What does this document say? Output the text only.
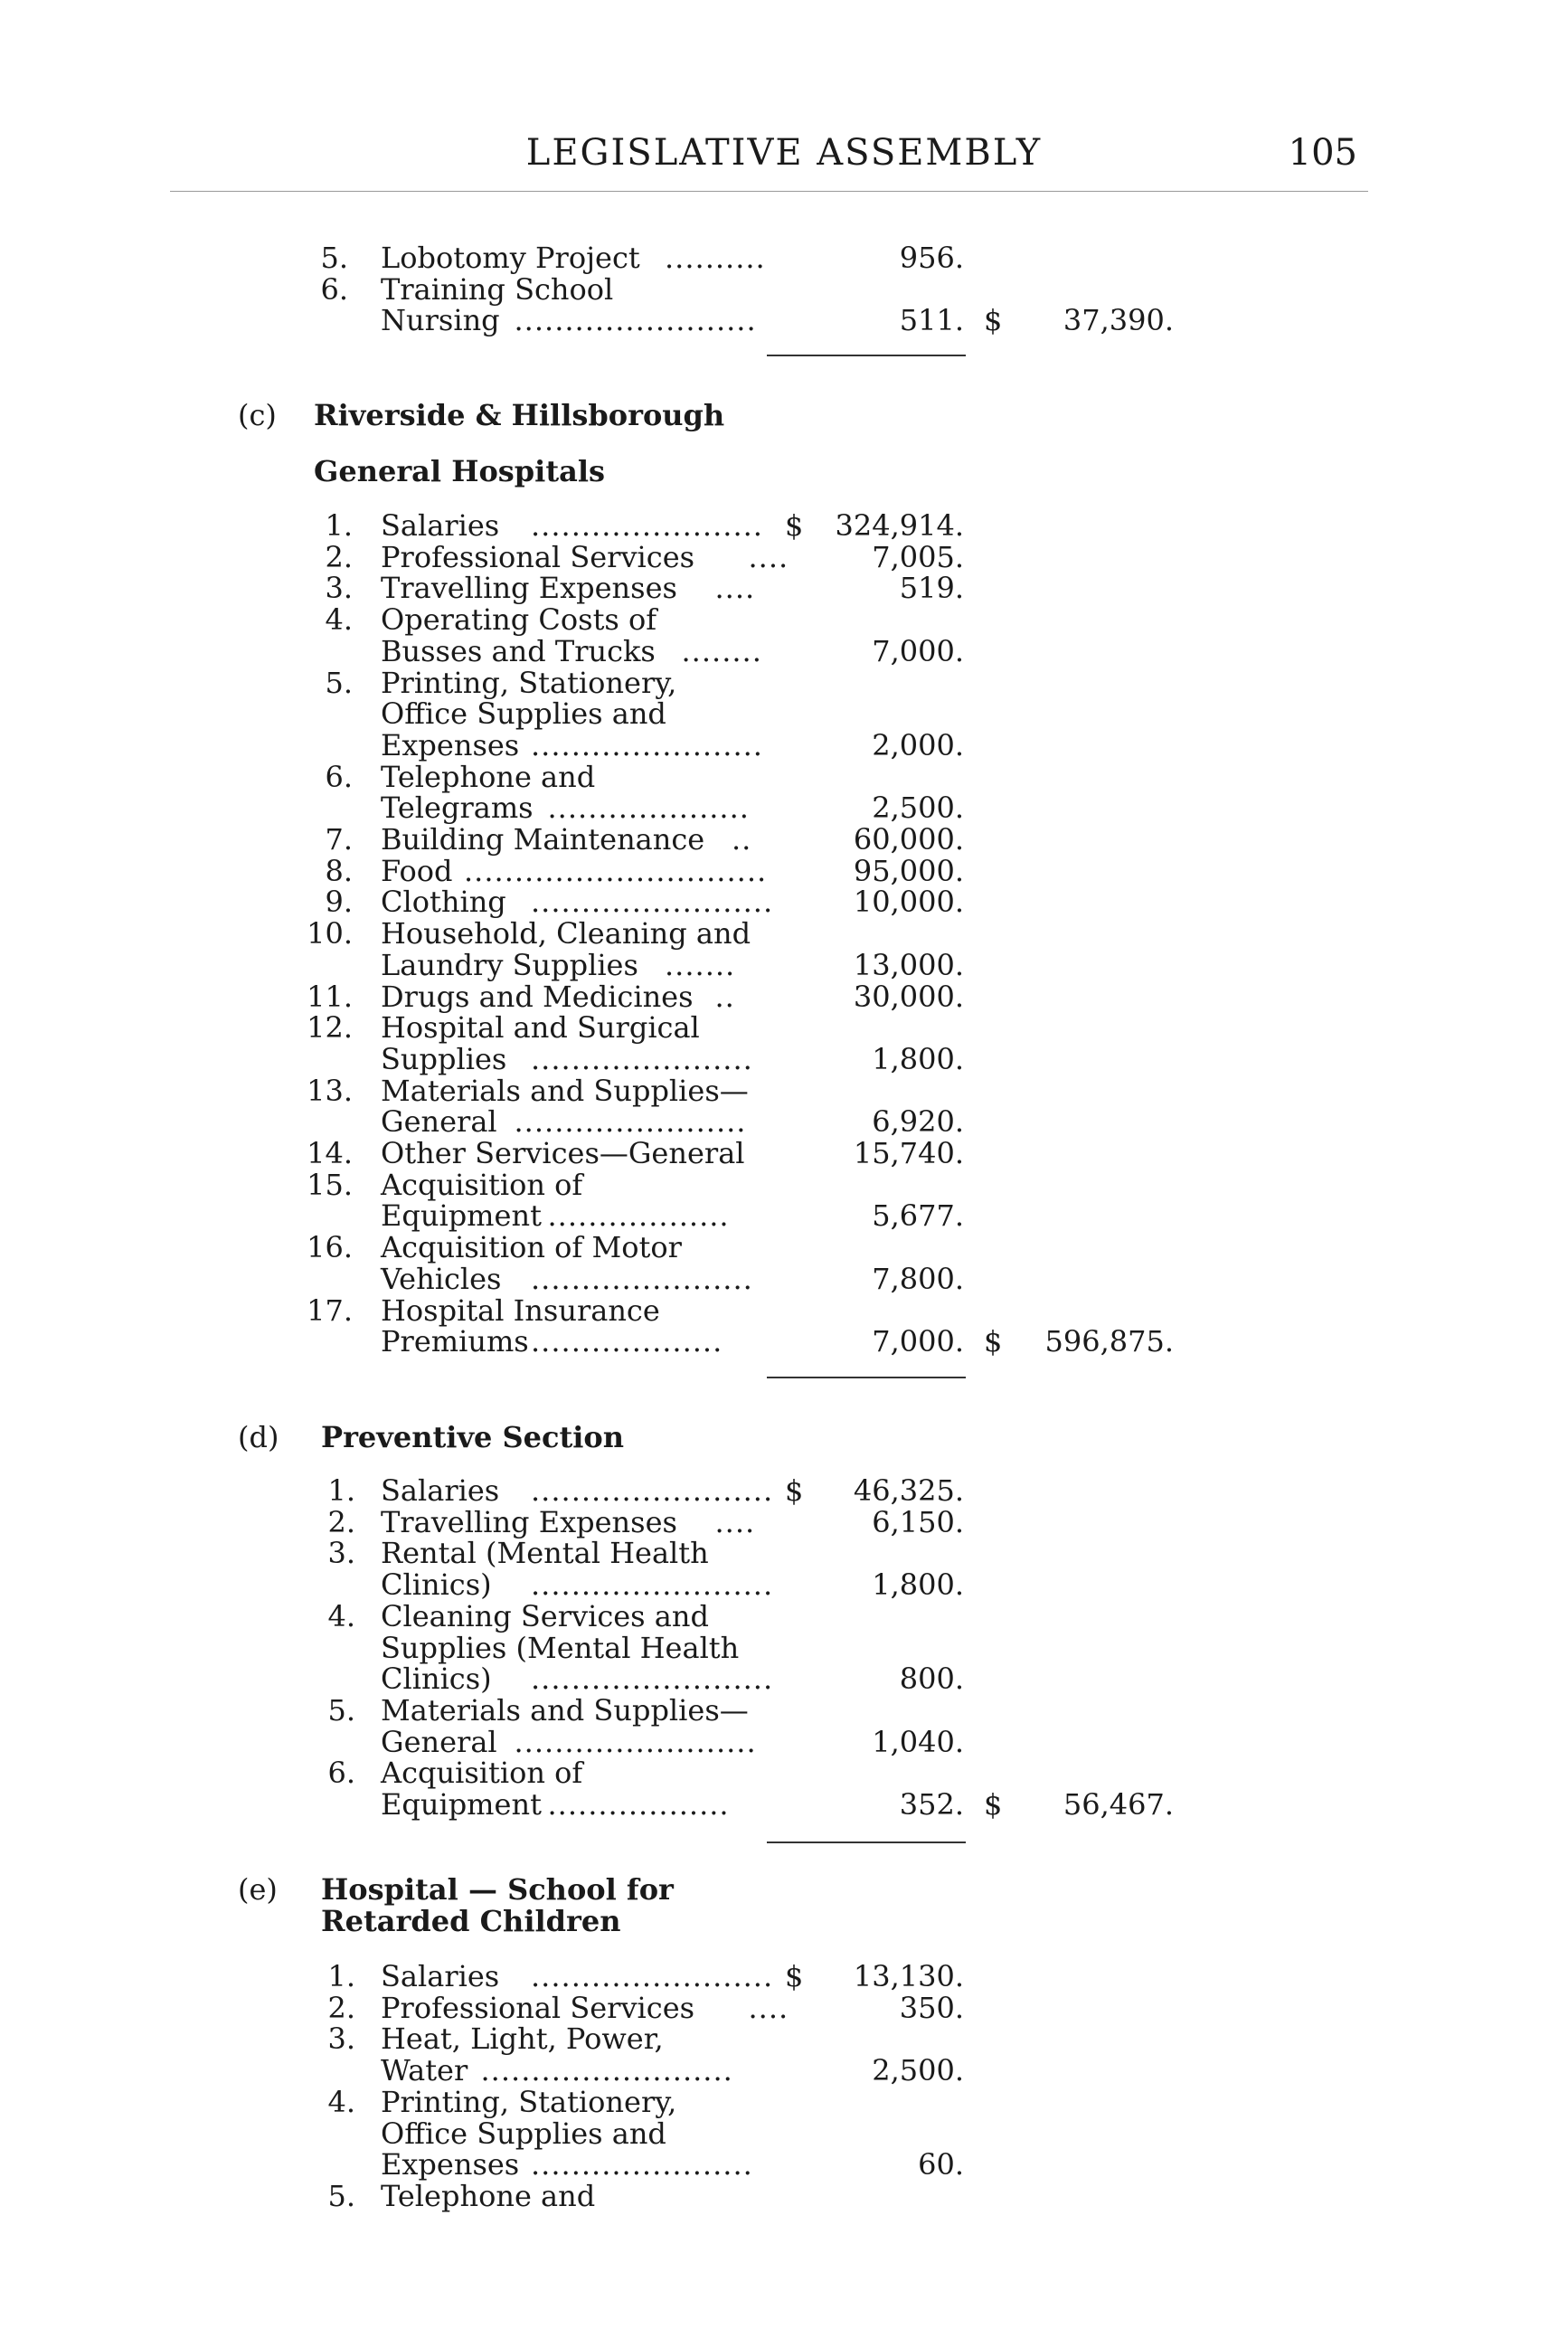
LEGISLATIVE ASSEMBLY	105
5. Lobotomy Project ..........	956.
6. Training School
Nursing ........................	511. $ 37,390.
(c) Riverside & Hillsborough
General Hospitals
1. Salaries ....................... $ 324,914.
2. Professional Services ....	7,005.
3. Travelling Expenses ....	519.
4. Operating Costs of
Busses and Trucks ........	7,000.
5. Printing, Stationery,
Office Supplies and
Expenses .......................	2,000.
6. Telephone and
Telegrams ....................	2,500.
7. Building Maintenance ..	60,000.
8. Food ..............................	95,000.
9. Clothing ........................	10,000.
10. Household, Cleaning and
Laundry Supplies .......	13,000.
11. Drugs and Medicines ..	30,000.
12. Hospital and Surgical
Supplies ......................	1,800.
13. Materials and Supplies—
General .......................	6,920.
14. Other Services—General	15,740.
15. Acquisition of
Equipment ..................	5,677.
16. Acquisition of Motor
Vehicles ......................	7,800.
17. Hospital Insurance
Premiums ...................	7,000. $ 596,875.
(d) Preventive Section
1. Salaries ........................ $ 46,325.
2. Travelling Expenses ....	6,150.
3. Rental (Mental Health
Clinics) ........................	1,800.
4. Cleaning Services and
Supplies (Mental Health
Clinics) ........................	800.
5. Materials and Supplies—
General ........................	1,040.
6. Acquisition of
Equipment ..................	352. $ 56,467.
(e) Hospital — School for
Retarded Children
1. Salaries ........................ $ 13,130.
2. Professional Services ....	350.
3. Heat, Light, Power,
Water .........................	2,500.
4. Printing, Stationery,
Office Supplies and
Expenses ......................	60.
5. Telephone and
